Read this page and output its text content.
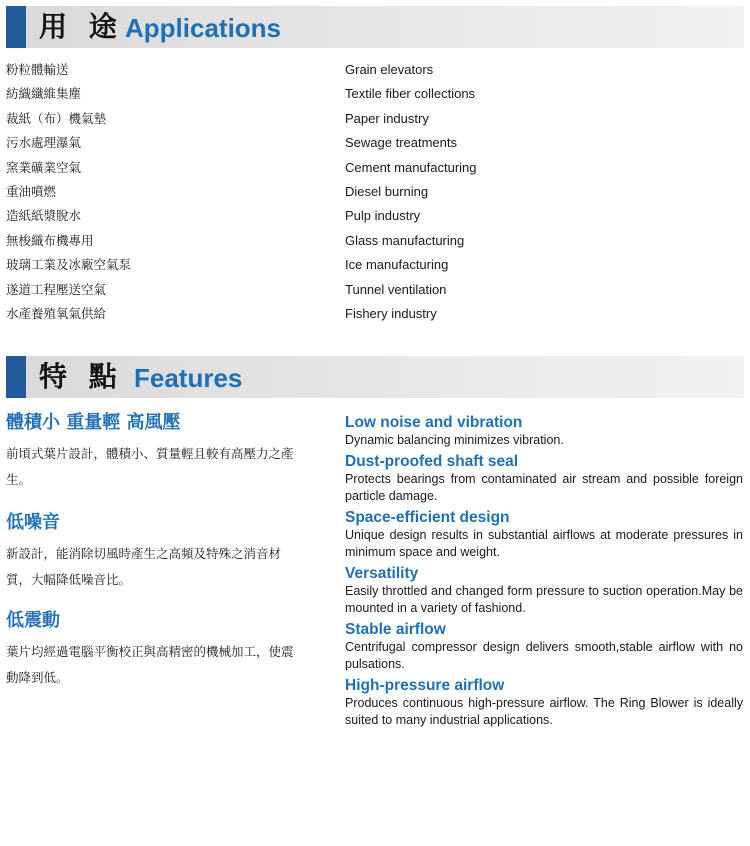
用 途 Applications
粉粒體輸送
紡織纖維集塵
裁紙（布）機氣墊
污水處理瀑氣
窯業礦業空氣
重油噴燃
造紙紙漿脫水
無梭織布機專用
玻璃工業及冰廠空氣泵
遂道工程壓送空氣
水產養殖氧氣供給
Grain elevators
Textile fiber collections
Paper industry
Sewage treatments
Cement manufacturing
Diesel burning
Pulp industry
Glass manufacturing
Ice manufacturing
Tunnel ventilation
Fishery industry
特 點 Features
體積小 重量輕 高風壓
前頃式葉片設計，體積小、質量輕且較有高壓力之產生。
低噪音
新設計，能消除切風時產生之高頻及特殊之消音材質，大幅降低噪音比。
低震動
葉片均經過電腦平衡校正與高精密的機械加工，使震動降到低。
Low noise and vibration
Dynamic balancing minimizes vibration.
Dust-proofed shaft seal
Protects bearings from contaminated air stream and possible foreign particle damage.
Space-efficient design
Unique design results in substantial airflows at moderate pressures in minimum space and weight.
Versatility
Easily throttled and changed form pressure to suction operation.May be mounted in a variety of fashiond.
Stable airflow
Centrifugal compressor design delivers smooth,stable airflow with no pulsations.
High-pressure airflow
Produces continuous high-pressure airflow. The Ring Blower is ideally suited to many industrial applications.
